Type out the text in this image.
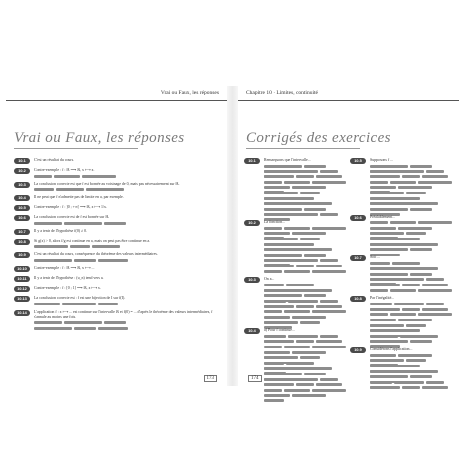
Vrai ou Faux, les réponses
Vrai ou Faux, les réponses
10.1	C'est un résultat du cours.
10.2	Contre-exemple : f : ℝ ⟶ ℝ, x ⟼ x.
10.3	La conclusion correcte est que f est bornée au voisinage de 0, mais pas nécessairement sur ℝ.
10.4	Il ne peut que f n'admette pas de limite en a, par exemple.
10.5	Contre-exemple : f : ]0 ; +∞[ ⟶ ℝ, x ⟼ 1/x.
10.6	La conclusion correcte est de f est bornée sur ℝ.
10.7	Il y a tenir de l'hypothèse f(0) ≠ 0.
10.8	Si g(x) > 0, alors f/g est continue en a, mais on peut pas être continue en a.
10.9	C'est un résultat du cours, conséquence du théorème des valeurs intermédiaires.
10.10	Contre-exemple : f : ℝ ⟶ ℝ, x ⟼ ...
10.11	Il y a tenir de l'hypothèse : (u_n) tend vers a.
10.12	Contre-exemple : f : [0 ; 1] ⟶ ℝ, x ⟼ x.
10.13	La conclusion correcte est : f est une bijection de I sur f(I).
10.14	L'application f : x ⟼ ... est continue sur l'intervalle ℝ et f(0) = ... d'après le théorème des valeurs intermédiaires, f s'annule au moins une fois.
173
Chapitre 10 · Limites, continuité
Corrigés des exercices
10.1	Remarquons que l'intervalle...
10.2	La fonction...
10.3	On a...
10.4	a) Pour f continue...
10.5	Supposons f ...
10.6	Préalablement...
10.7	Soit ...
10.8	Par l'inégalité...
10.9	Considérons l'application...
174
